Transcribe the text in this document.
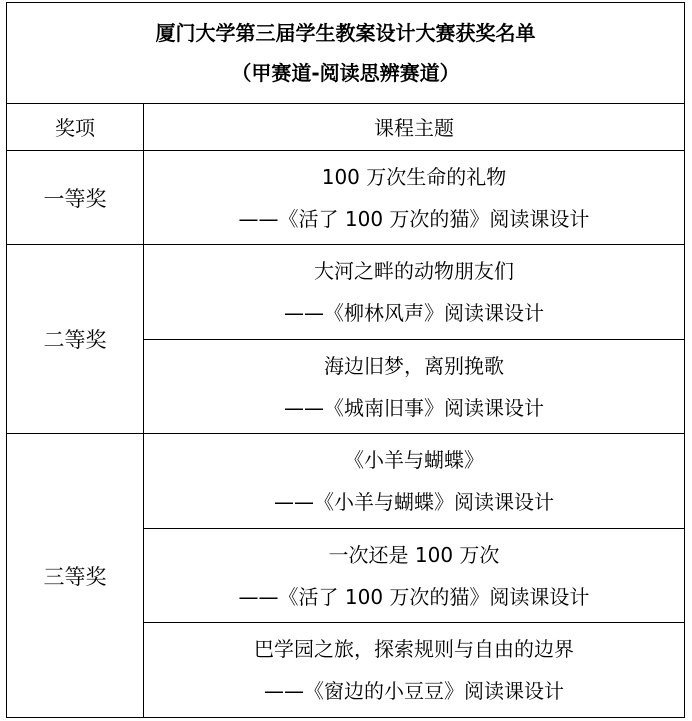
厦门大学第三届学生教案设计大赛获奖名单
（甲赛道-阅读思辨赛道）	

奖项	课程主题
一等奖	100 万次生命的礼物
——《活了 100 万次的猫》阅读课设计

二等奖	大河之畔的动物朋友们
——《柳林风声》阅读课设计

	海边旧梦，离别挽歌
——《城南旧事》阅读课设计

三等奖	《小羊与蝴蝶》
——《小羊与蝴蝶》阅读课设计

	一次还是 100 万次
——《活了 100 万次的猫》阅读课设计

	巴学园之旅，探索规则与自由的边界
——《窗边的小豆豆》阅读课设计
